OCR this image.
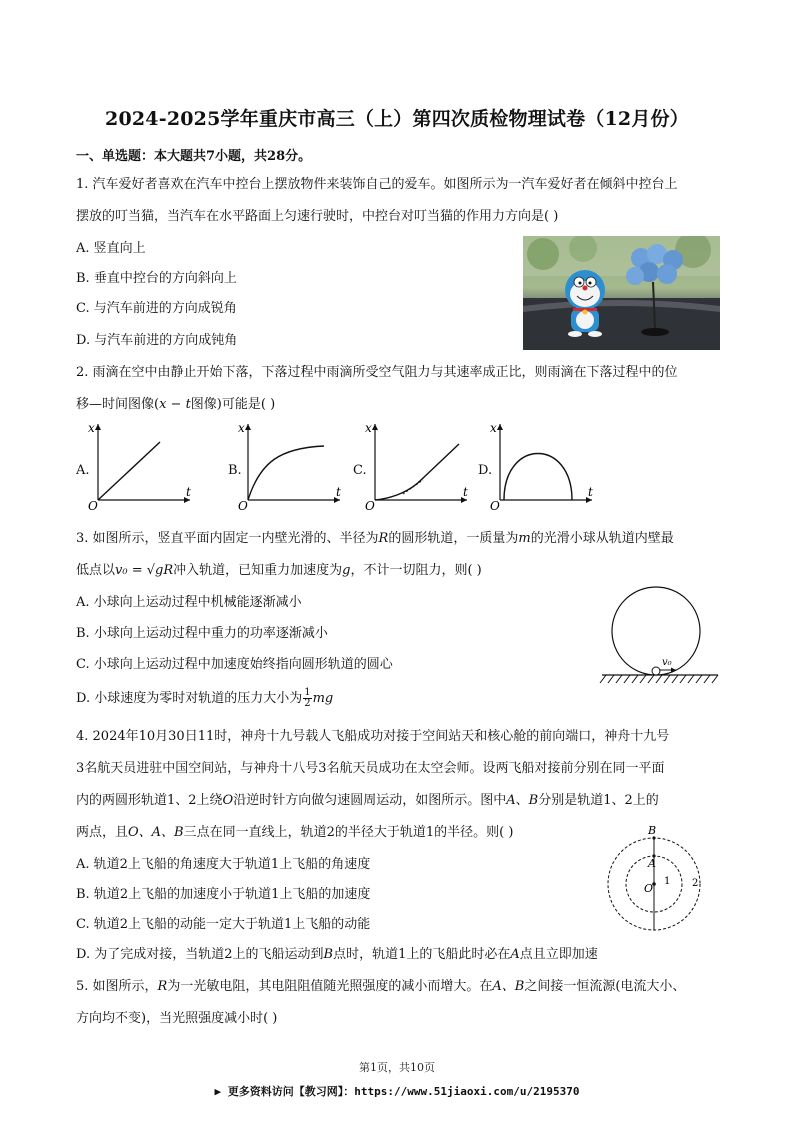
2024-2025学年重庆市高三（上）第四次质检物理试卷（12月份）
一、单选题：本大题共7小题，共28分。
1. 汽车爱好者喜欢在汽车中控台上摆放物件来装饰自己的爱车。如图所示为一汽车爱好者在倾斜中控台上
摆放的叮当猫，当汽车在水平路面上匀速行驶时，中控台对叮当猫的作用力方向是( )
A. 竖直向上
B. 垂直中控台的方向斜向上
C. 与汽车前进的方向成锐角
D. 与汽车前进的方向成钝角
2. 雨滴在空中由静止开始下落，下落过程中雨滴所受空气阻力与其速率成正比，则雨滴在下落过程中的位
移—时间图像(x − t图像)可能是( )
A.
x
t
O
B.
x
t
O
C.
x
t
O
D.
x
t
O
3. 如图所示，竖直平面内固定一内壁光滑的、半径为R的圆形轨道，一质量为m的光滑小球从轨道内壁最
低点以v₀ = √gR冲入轨道，已知重力加速度为g，不计一切阻力，则( )
A. 小球向上运动过程中机械能逐渐减小
B. 小球向上运动过程中重力的功率逐渐减小
C. 小球向上运动过程中加速度始终指向圆形轨道的圆心
D. 小球速度为零时对轨道的压力大小为 $\frac{1}{2}$ mg
v₀
4. 2024年10月30日11时，神舟十九号载人飞船成功对接于空间站天和核心舱的前向端口，神舟十九号
3名航天员进驻中国空间站，与神舟十八号3名航天员成功在太空会师。设两飞船对接前分别在同一平面
内的两圆形轨道1、2上绕O沿逆时针方向做匀速圆周运动，如图所示。图中A、B分别是轨道1、2上的
两点，且O、A、B三点在同一直线上，轨道2的半径大于轨道1的半径。则( )
A. 轨道2上飞船的角速度大于轨道1上飞船的角速度
B. 轨道2上飞船的加速度小于轨道1上飞船的加速度
C. 轨道2上飞船的动能一定大于轨道1上飞船的动能
D. 为了完成对接，当轨道2上的飞船运动到B点时，轨道1上的飞船此时必在A点且立即加速
B
A
O
1 2
5. 如图所示，R为一光敏电阻，其电阻阻值随光照强度的减小而增大。在A、B之间接一恒流源(电流大小、
方向均不变)，当光照强度减小时( )
第1页，共10页
▶ 更多资料访问【教习网】：https://www.51jiaoxi.com/u/2195370
